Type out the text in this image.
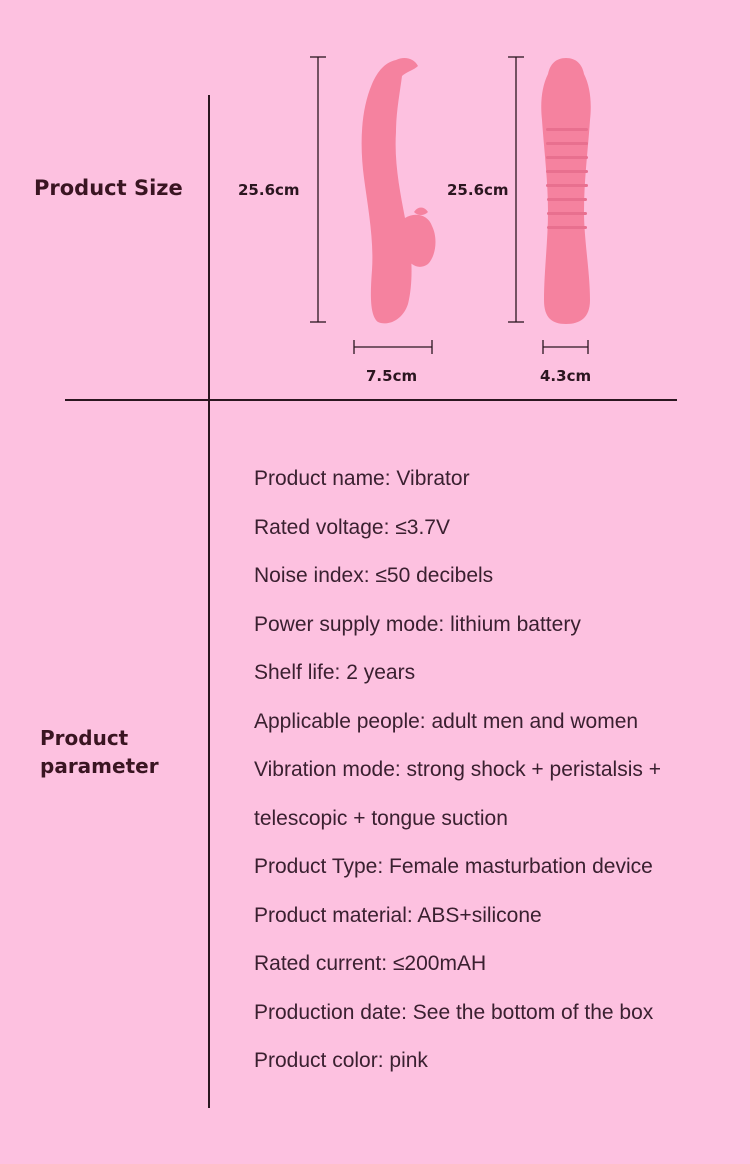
Product Size	25.6cm	25.6cm
7.5cm	4.3cm
Product
parameter
Product name: Vibrator
Rated voltage: ≤3.7V
Noise index: ≤50 decibels
Power supply mode: lithium battery
Shelf life: 2 years
Applicable people: adult men and women
Vibration mode: strong shock + peristalsis + telescopic + tongue suction
Product Type: Female masturbation device
Product material: ABS+silicone
Rated current: ≤200mAH
Production date: See the bottom of the box
Product color: pink
